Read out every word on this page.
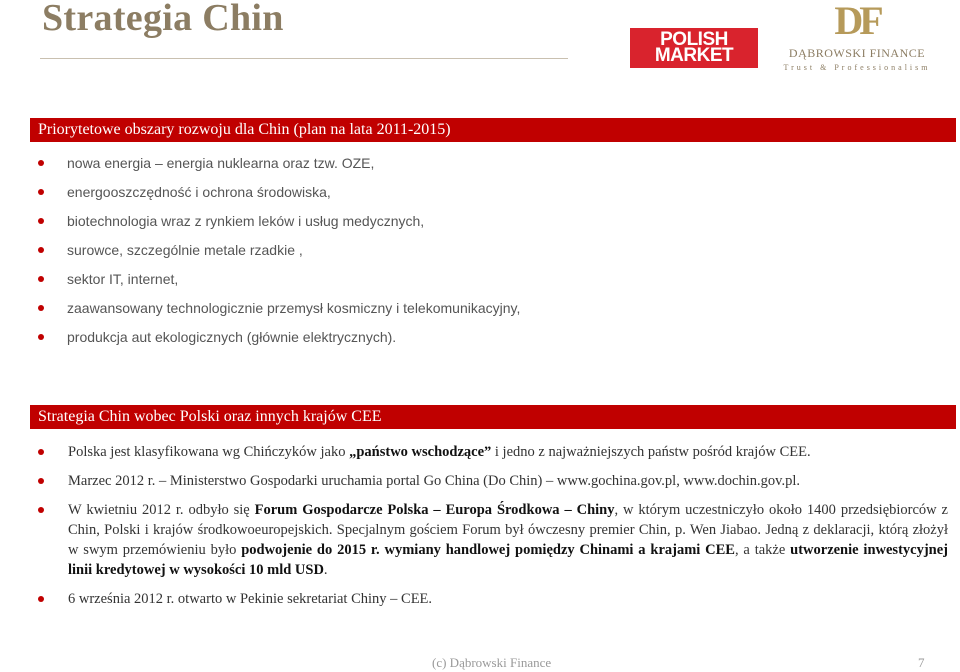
Strategia Chin
POLISH
MARKET
DF
DĄBROWSKI FINANCE
Trust & Professionalism
Priorytetowe obszary rozwoju dla Chin (plan na lata 2011-2015)
nowa energia – energia nuklearna oraz tzw. OZE,
energooszczędność i ochrona środowiska,
biotechnologia wraz z rynkiem leków i usług medycznych,
surowce, szczególnie metale rzadkie ,
sektor IT, internet,
zaawansowany technologicznie przemysł kosmiczny i telekomunikacyjny,
produkcja aut ekologicznych (głównie elektrycznych).
Strategia Chin wobec Polski oraz innych krajów CEE
Polska jest klasyfikowana wg Chińczyków jako „państwo wschodzące” i jedno z najważniejszych państw pośród krajów CEE.
Marzec 2012 r. – Ministerstwo Gospodarki uruchamia portal Go China (Do Chin) – www.gochina.gov.pl, www.dochin.gov.pl.
W kwietniu 2012 r. odbyło się Forum Gospodarcze Polska – Europa Środkowa – Chiny, w którym uczestniczyło około 1400 przedsiębiorców z Chin, Polski i krajów środkowoeuropejskich. Specjalnym gościem Forum był ówczesny premier Chin, p. Wen Jiabao. Jedną z deklaracji, którą złożył w swym przemówieniu było podwojenie do 2015 r. wymiany handlowej pomiędzy Chinami a krajami CEE, a także utworzenie inwestycyjnej linii kredytowej w wysokości 10 mld USD.
6 września 2012 r. otwarto w Pekinie sekretariat Chiny – CEE.
(c) Dąbrowski Finance	7
